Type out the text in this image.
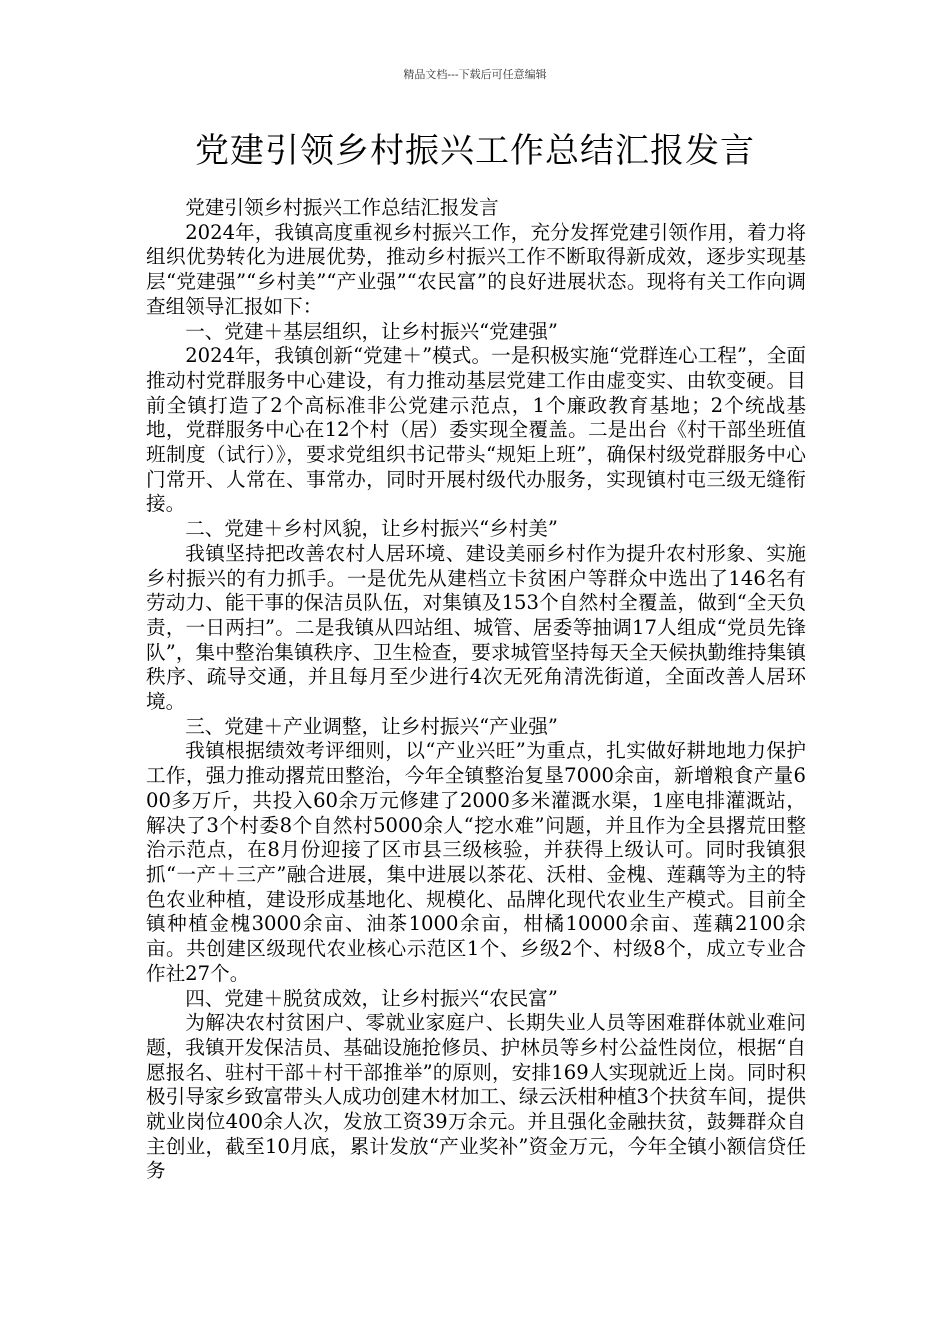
精品文档---下载后可任意编辑
党建引领乡村振兴工作总结汇报发言

党建引领乡村振兴工作总结汇报发言

2024年，我镇高度重视乡村振兴工作，充分发挥党建引领作用，着力将组织优势转化为进展优势，推动乡村振兴工作不断取得新成效，逐步实现基层“党建强”“乡村美”“产业强”“农民富”的良好进展状态。现将有关工作向调查组领导汇报如下：

一、党建＋基层组织，让乡村振兴“党建强”

2024年，我镇创新“党建＋”模式。一是积极实施“党群连心工程”，全面推动村党群服务中心建设，有力推动基层党建工作由虚变实、由软变硬。目前全镇打造了2个高标准非公党建示范点，1个廉政教育基地；2个统战基地，党群服务中心在12个村（居）委实现全覆盖。二是出台《村干部坐班值班制度（试行）》，要求党组织书记带头“规矩上班”，确保村级党群服务中心门常开、人常在、事常办，同时开展村级代办服务，实现镇村屯三级无缝衔接。

二、党建＋乡村风貌，让乡村振兴“乡村美”

我镇坚持把改善农村人居环境、建设美丽乡村作为提升农村形象、实施乡村振兴的有力抓手。一是优先从建档立卡贫困户等群众中选出了146名有劳动力、能干事的保洁员队伍，对集镇及153个自然村全覆盖，做到“全天负责，一日两扫”。二是我镇从四站组、城管、居委等抽调17人组成“党员先锋队”，集中整治集镇秩序、卫生检查，要求城管坚持每天全天候执勤维持集镇秩序、疏导交通，并且每月至少进行4次无死角清洗街道，全面改善人居环境。

三、党建＋产业调整，让乡村振兴“产业强”

我镇根据绩效考评细则，以“产业兴旺”为重点，扎实做好耕地地力保护工作，强力推动撂荒田整治，今年全镇整治复垦7000余亩，新增粮食产量600多万斤，共投入60余万元修建了2000多米灌溉水渠，1座电排灌溉站，解决了3个村委8个自然村5000余人“挖水难”问题，并且作为全县撂荒田整治示范点，在8月份迎接了区市县三级核验，并获得上级认可。同时我镇狠抓“一产＋三产”融合进展，集中进展以茶花、沃柑、金槐、莲藕等为主的特色农业种植，建设形成基地化、规模化、品牌化现代农业生产模式。目前全镇种植金槐3000余亩、油茶1000余亩，柑橘10000余亩、莲藕2100余亩。共创建区级现代农业核心示范区1个、乡级2个、村级8个，成立专业合作社27个。

四、党建＋脱贫成效，让乡村振兴“农民富”

为解决农村贫困户、零就业家庭户、长期失业人员等困难群体就业难问题，我镇开发保洁员、基础设施抢修员、护林员等乡村公益性岗位，根据“自愿报名、驻村干部＋村干部推举”的原则，安排169人实现就近上岗。同时积极引导家乡致富带头人成功创建木材加工、绿云沃柑种植3个扶贫车间，提供就业岗位400余人次，发放工资39万余元。并且强化金融扶贫，鼓舞群众自主创业，截至10月底，累计发放“产业奖补”资金万元，今年全镇小额信贷任务
